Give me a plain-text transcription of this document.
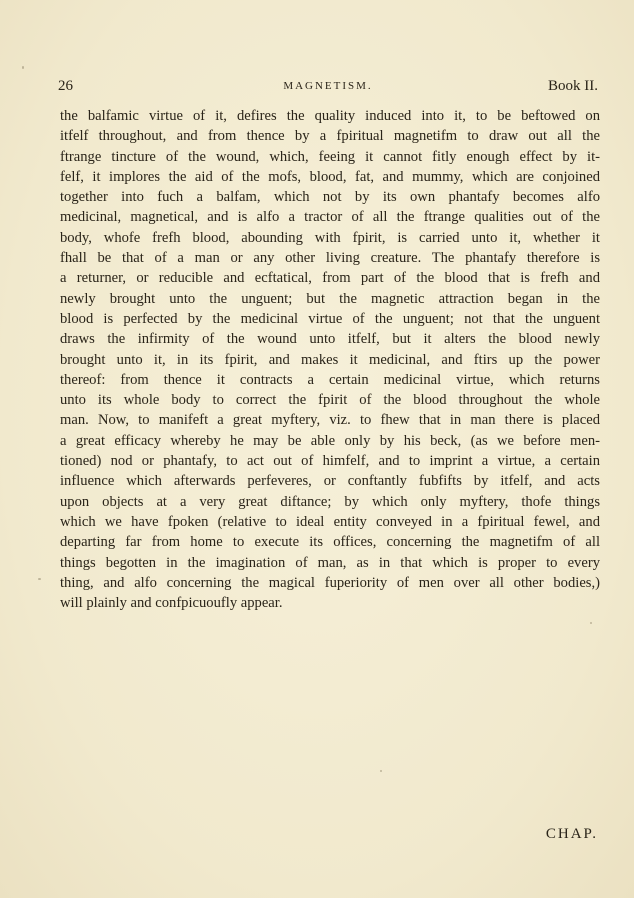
26	MAGNETISM.	Book II.
the balfamic virtue of it, defires the quality induced into it, to be beftowed on
itfelf throughout, and from thence by a fpiritual magnetifm to draw out all the
ftrange tincture of the wound, which, feeing it cannot fitly enough effect by it-
felf, it implores the aid of the mofs, blood, fat, and mummy, which are conjoined
together into fuch a balfam, which not by its own phantafy becomes alfo
medicinal, magnetical, and is alfo a tractor of all the ftrange qualities out of the
body, whofe frefh blood, abounding with fpirit, is carried unto it, whether it
fhall be that of a man or any other living creature. The phantafy therefore is
a returner, or reducible and ecftatical, from part of the blood that is frefh and
newly brought unto the unguent; but the magnetic attraction began in the
blood is perfected by the medicinal virtue of the unguent; not that the unguent
draws the infirmity of the wound unto itfelf, but it alters the blood newly
brought unto it, in its fpirit, and makes it medicinal, and ftirs up the power
thereof: from thence it contracts a certain medicinal virtue, which returns
unto its whole body to correct the fpirit of the blood throughout the whole
man. Now, to manifeft a great myftery, viz. to fhew that in man there is placed
a great efficacy whereby he may be able only by his beck, (as we before men-
tioned) nod or phantafy, to act out of himfelf, and to imprint a virtue, a certain
influence which afterwards perfeveres, or conftantly fubfifts by itfelf, and acts
upon objects at a very great diftance; by which only myftery, thofe things
which we have fpoken (relative to ideal entity conveyed in a fpiritual fewel, and
departing far from home to execute its offices, concerning the magnetifm of all
things begotten in the imagination of man, as in that which is proper to every
thing, and alfo concerning the magical fuperiority of men over all other bodies,)
will plainly and confpicuoufly appear.
CHAP.
